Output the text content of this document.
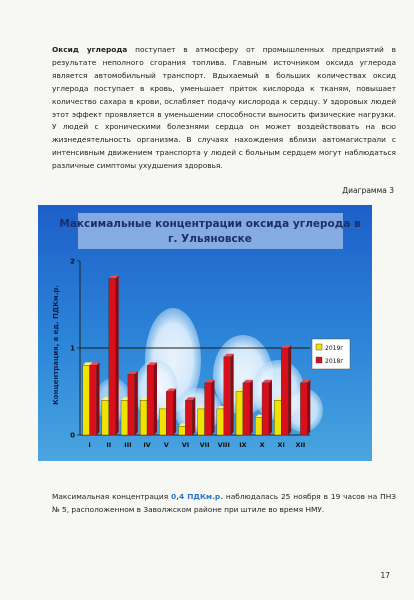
Оксид углерода поступает в атмосферу от промышленных предприятий в результате неполного сгорания топлива. Главным источником оксида углерода является автомобильный транспорт. Вдыхаемый в больших количествах оксид углерода поступает в кровь, уменьшает приток кислорода к тканям, повышает количество сахара в крови, ослабляет подачу кислорода к сердцу. У здоровых людей этот эффект проявляется в уменьшении способности выносить физические нагрузки. У людей с хроническими болезнями сердца он может воздействовать на всю жизнедеятельность организма. В случаях нахождения вблизи автомагистрали с интенсивным движением транспорта у людей с больным сердцем могут наблюдаться различные симптомы ухудшения здоровья.
Диаграмма 3
Максимальные концентрации оксида углерода в
г. Ульяновске
Концентрация, в ед. ПДКм.р.
0
1
2
I II III IV V VI VII VIII IX X XI XII
2019г
2018г
Максимальная концентрация 0,4 ПДКм.р. наблюдалась 25 ноября в 19 часов на ПНЗ № 5, расположенном в Заволжском районе при штиле во время НМУ.
17
